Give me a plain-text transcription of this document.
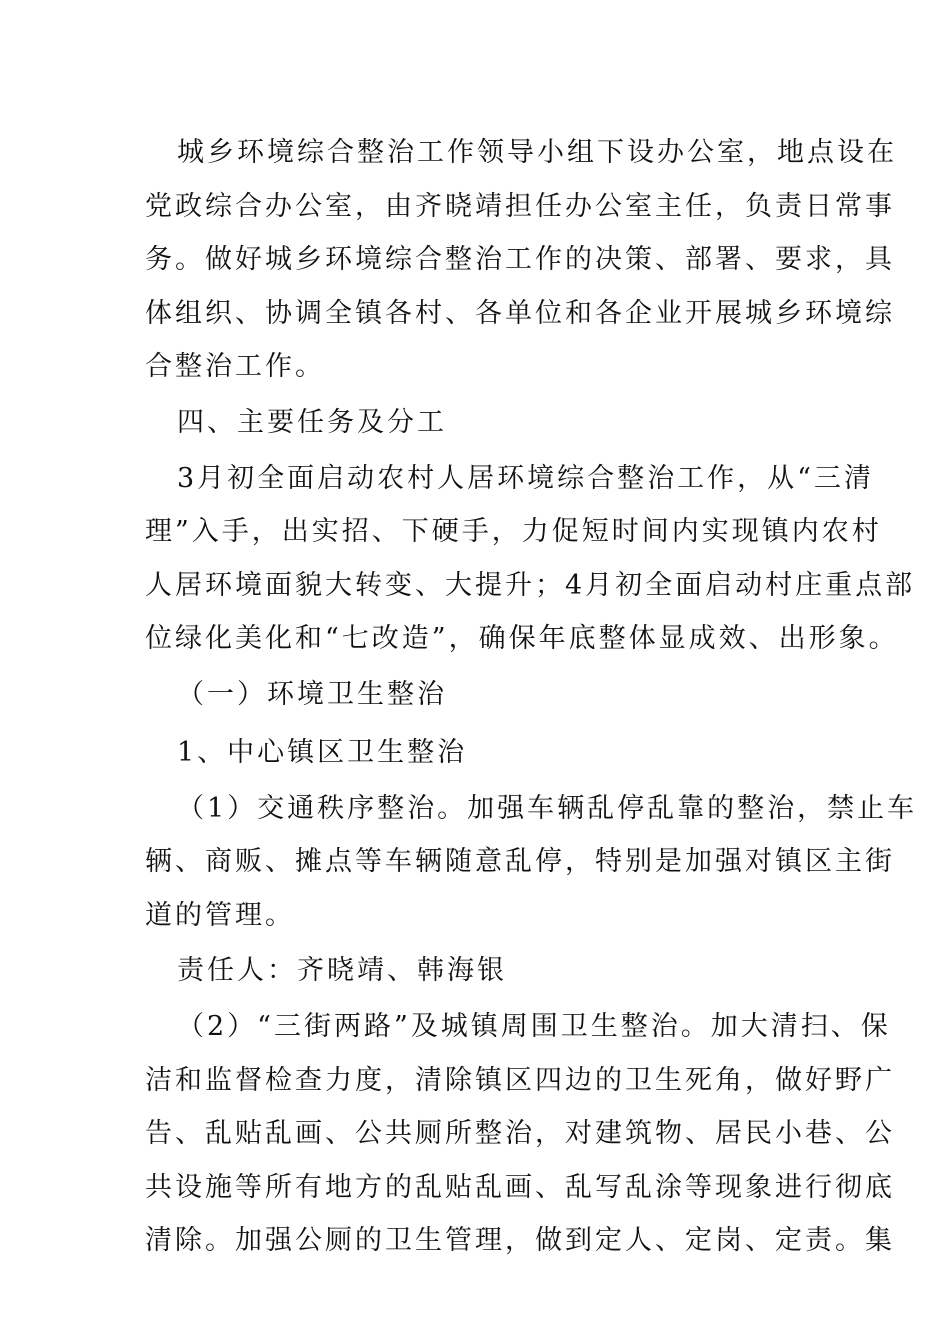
城乡环境综合整治工作领导小组下设办公室，地点设在
党政综合办公室，由齐晓靖担任办公室主任，负责日常事
务。做好城乡环境综合整治工作的决策、部署、要求，具
体组织、协调全镇各村、各单位和各企业开展城乡环境综
合整治工作。
四、主要任务及分工
3月初全面启动农村人居环境综合整治工作，从“三清
理”入手，出实招、下硬手，力促短时间内实现镇内农村
人居环境面貌大转变、大提升；4月初全面启动村庄重点部
位绿化美化和“七改造”，确保年底整体显成效、出形象。
（一）环境卫生整治
1、中心镇区卫生整治
（1）交通秩序整治。加强车辆乱停乱靠的整治，禁止车
辆、商贩、摊点等车辆随意乱停，特别是加强对镇区主街
道的管理。
责任人：齐晓靖、韩海银
（2）“三街两路”及城镇周围卫生整治。加大清扫、保
洁和监督检查力度，清除镇区四边的卫生死角，做好野广
告、乱贴乱画、公共厕所整治，对建筑物、居民小巷、公
共设施等所有地方的乱贴乱画、乱写乱涂等现象进行彻底
清除。加强公厕的卫生管理，做到定人、定岗、定责。集
